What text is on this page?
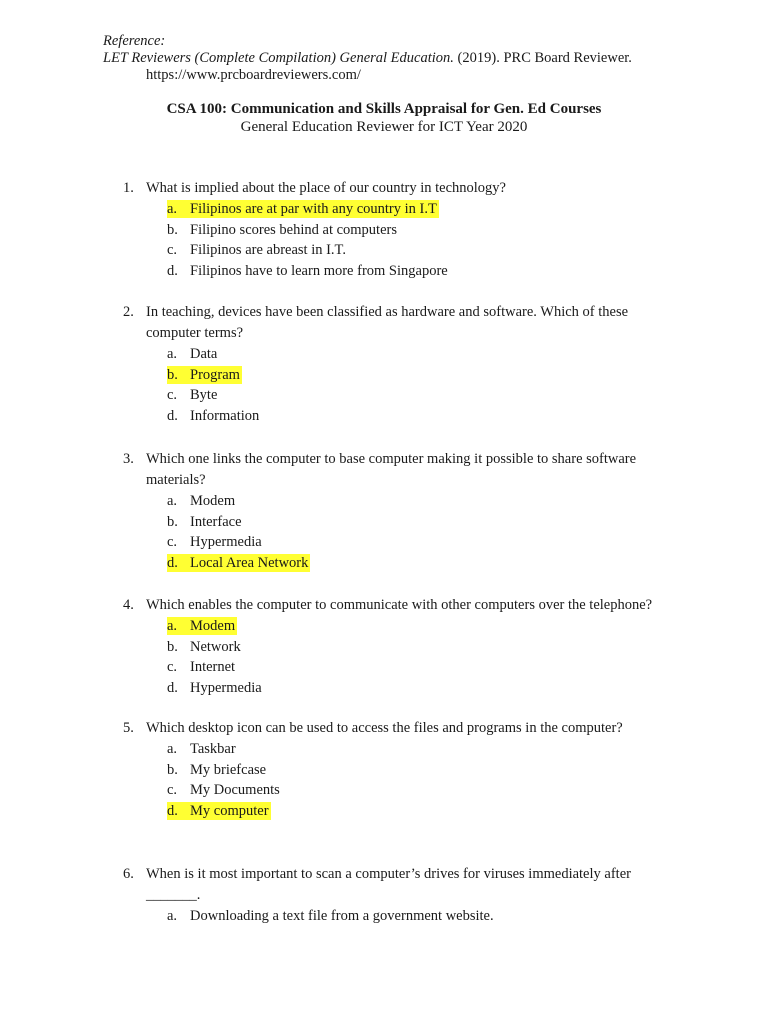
Reference:
LET Reviewers (Complete Compilation) General Education. (2019). PRC Board Reviewer.
https://www.prcboardreviewers.com/
CSA 100: Communication and Skills Appraisal for Gen. Ed Courses
General Education Reviewer for ICT Year 2020
1. What is implied about the place of our country in technology?
a. Filipinos are at par with any country in I.T
b. Filipino scores behind at computers
c. Filipinos are abreast in I.T.
d. Filipinos have to learn more from Singapore
2. In teaching, devices have been classified as hardware and software. Which of these computer terms?
a. Data
b. Program
c. Byte
d. Information
3. Which one links the computer to base computer making it possible to share software materials?
a. Modem
b. Interface
c. Hypermedia
d. Local Area Network
4. Which enables the computer to communicate with other computers over the telephone?
a. Modem
b. Network
c. Internet
d. Hypermedia
5. Which desktop icon can be used to access the files and programs in the computer?
a. Taskbar
b. My briefcase
c. My Documents
d. My computer
6. When is it most important to scan a computer’s drives for viruses immediately after _______.
a. Downloading a text file from a government website.
